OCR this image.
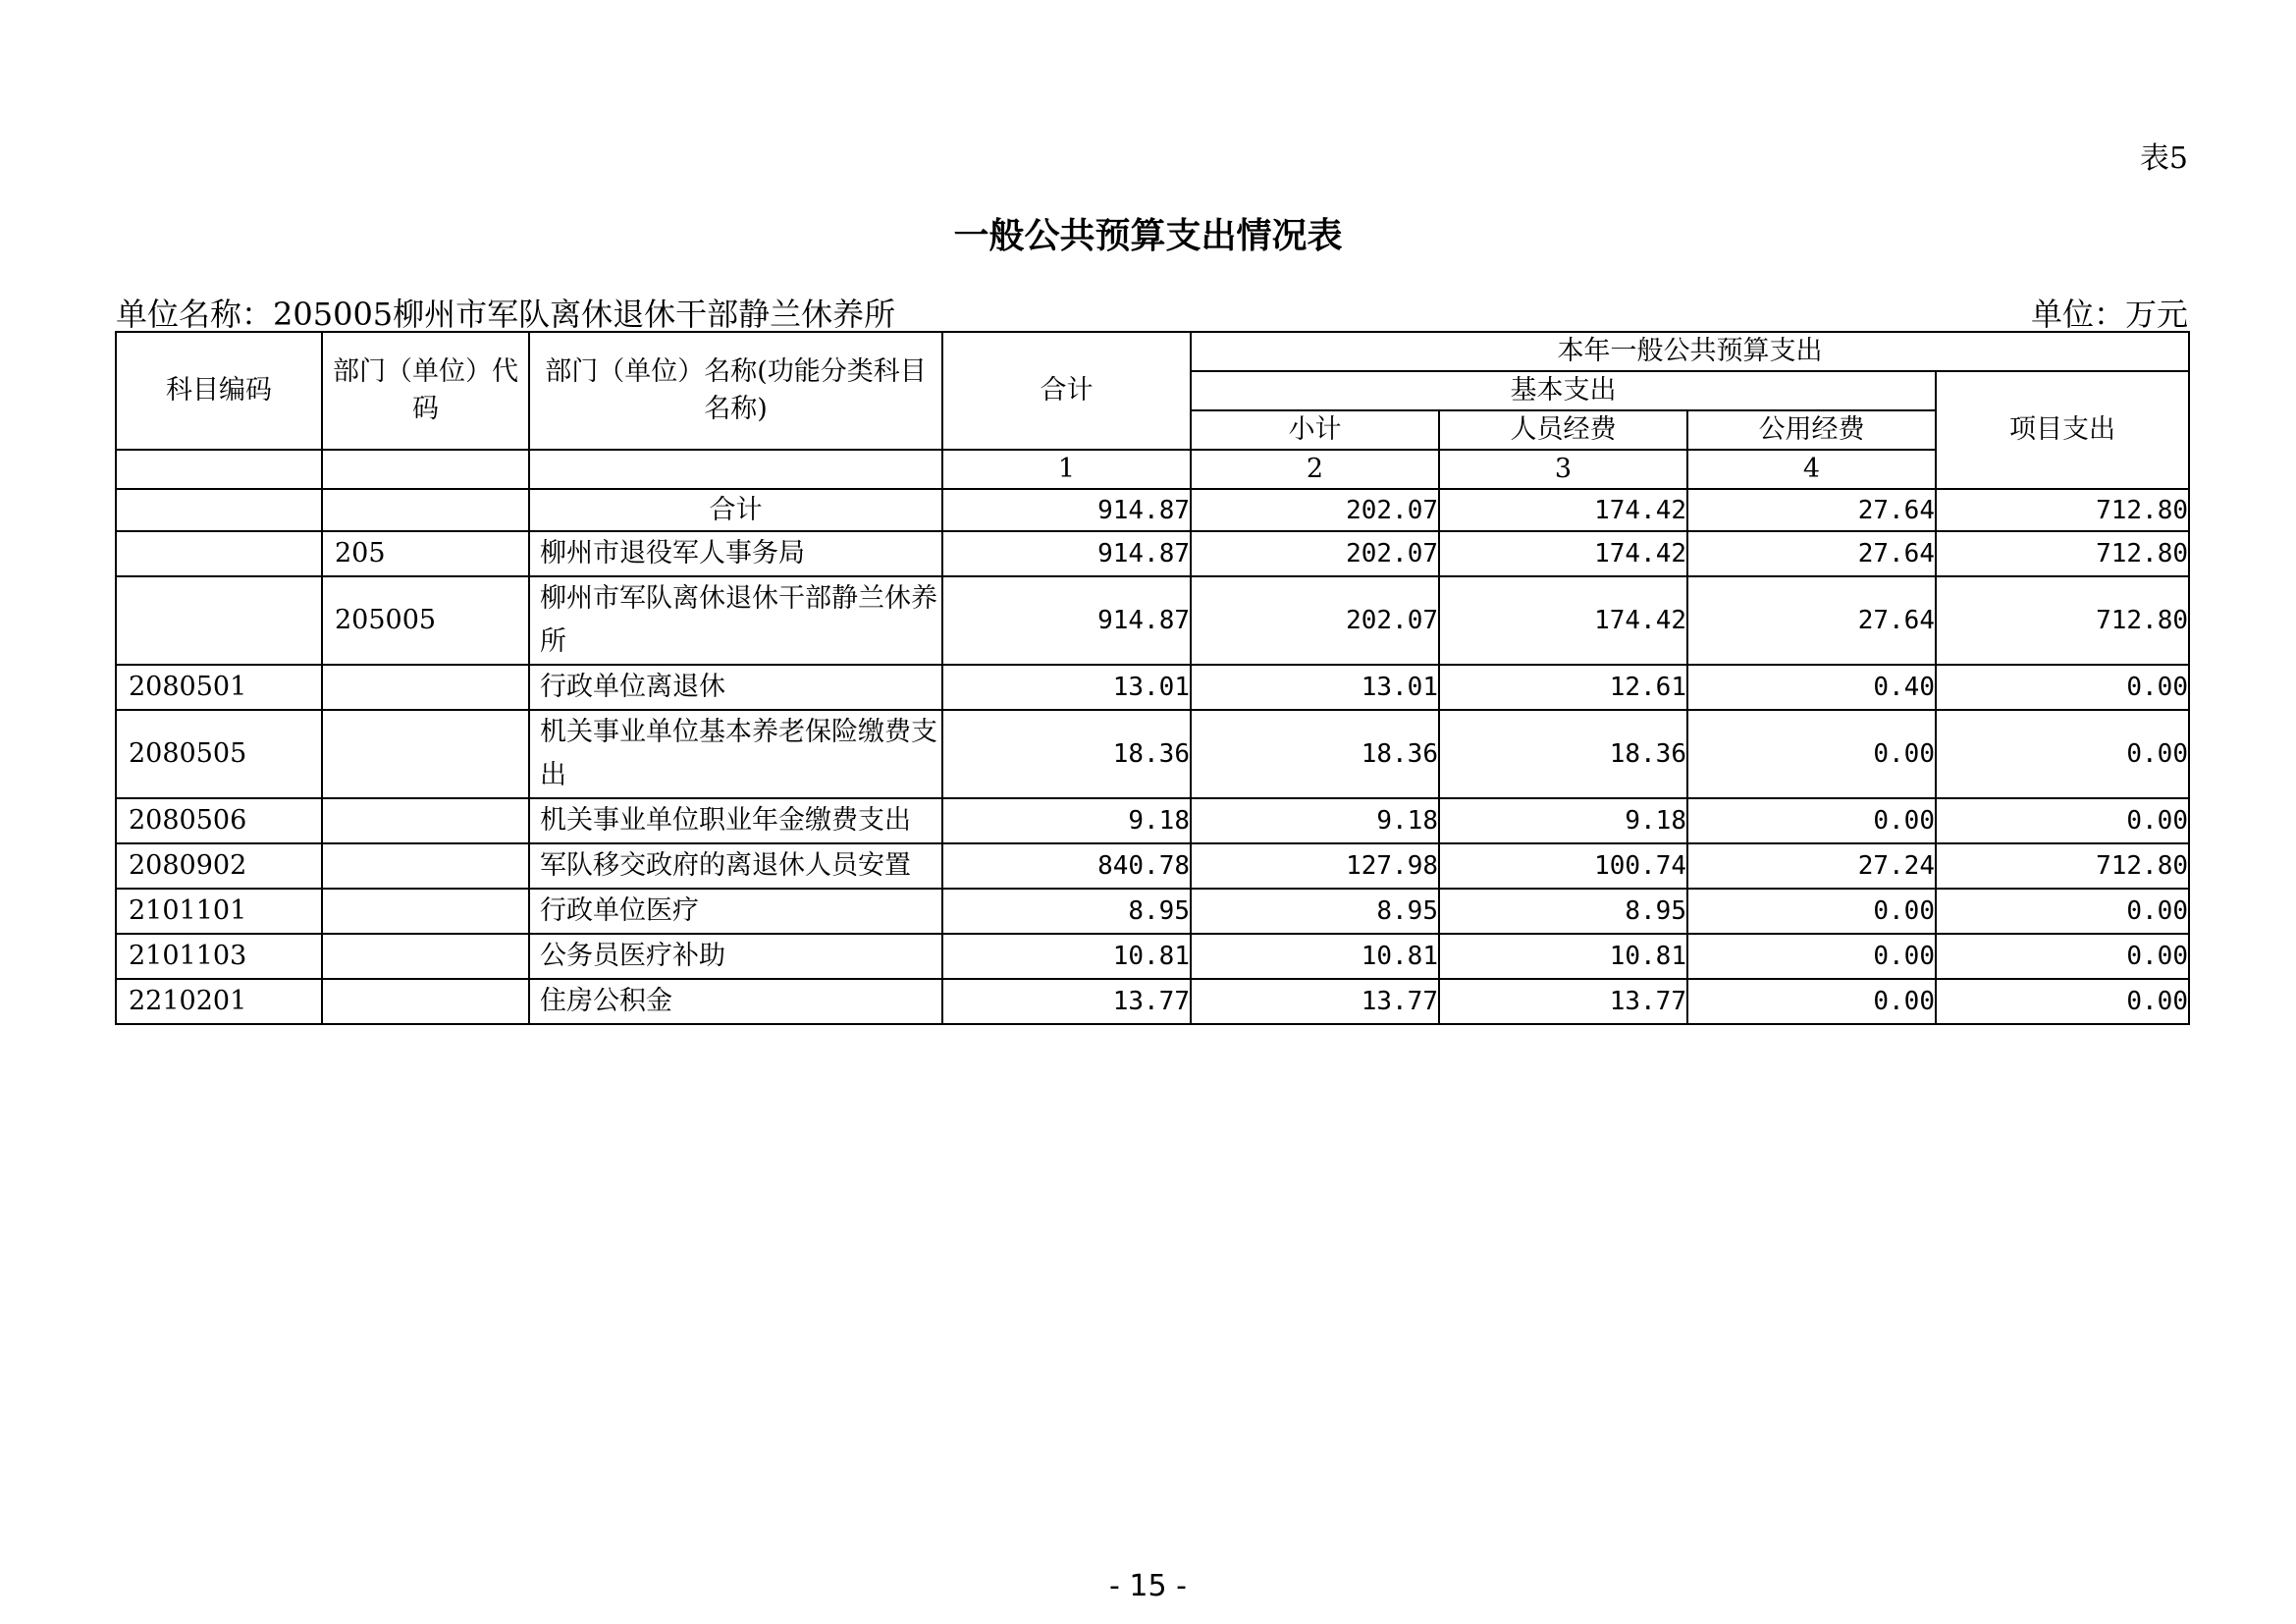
表5
一般公共预算支出情况表
单位名称：205005柳州市军队离休退休干部静兰休养所	单位：万元
科目编码	部门（单位）代码	部门（单位）名称(功能分类科目名称)	合计	本年一般公共预算支出			
				基本支出			项目支出
				小计	人员经费	公用经费	
			1	2	3	4	
		合计	914.87	202.07	174.42	27.64	712.80
	205	柳州市退役军人事务局	914.87	202.07	174.42	27.64	712.80
	205005	柳州市军队离休退休干部静兰休养所	914.87	202.07	174.42	27.64	712.80
2080501		行政单位离退休	13.01	13.01	12.61	0.40	0.00
2080505		机关事业单位基本养老保险缴费支出	18.36	18.36	18.36	0.00	0.00
2080506		机关事业单位职业年金缴费支出	9.18	9.18	9.18	0.00	0.00
2080902		军队移交政府的离退休人员安置	840.78	127.98	100.74	27.24	712.80
2101101		行政单位医疗	8.95	8.95	8.95	0.00	0.00
2101103		公务员医疗补助	10.81	10.81	10.81	0.00	0.00
2210201		住房公积金	13.77	13.77	13.77	0.00	0.00
- 15 -
